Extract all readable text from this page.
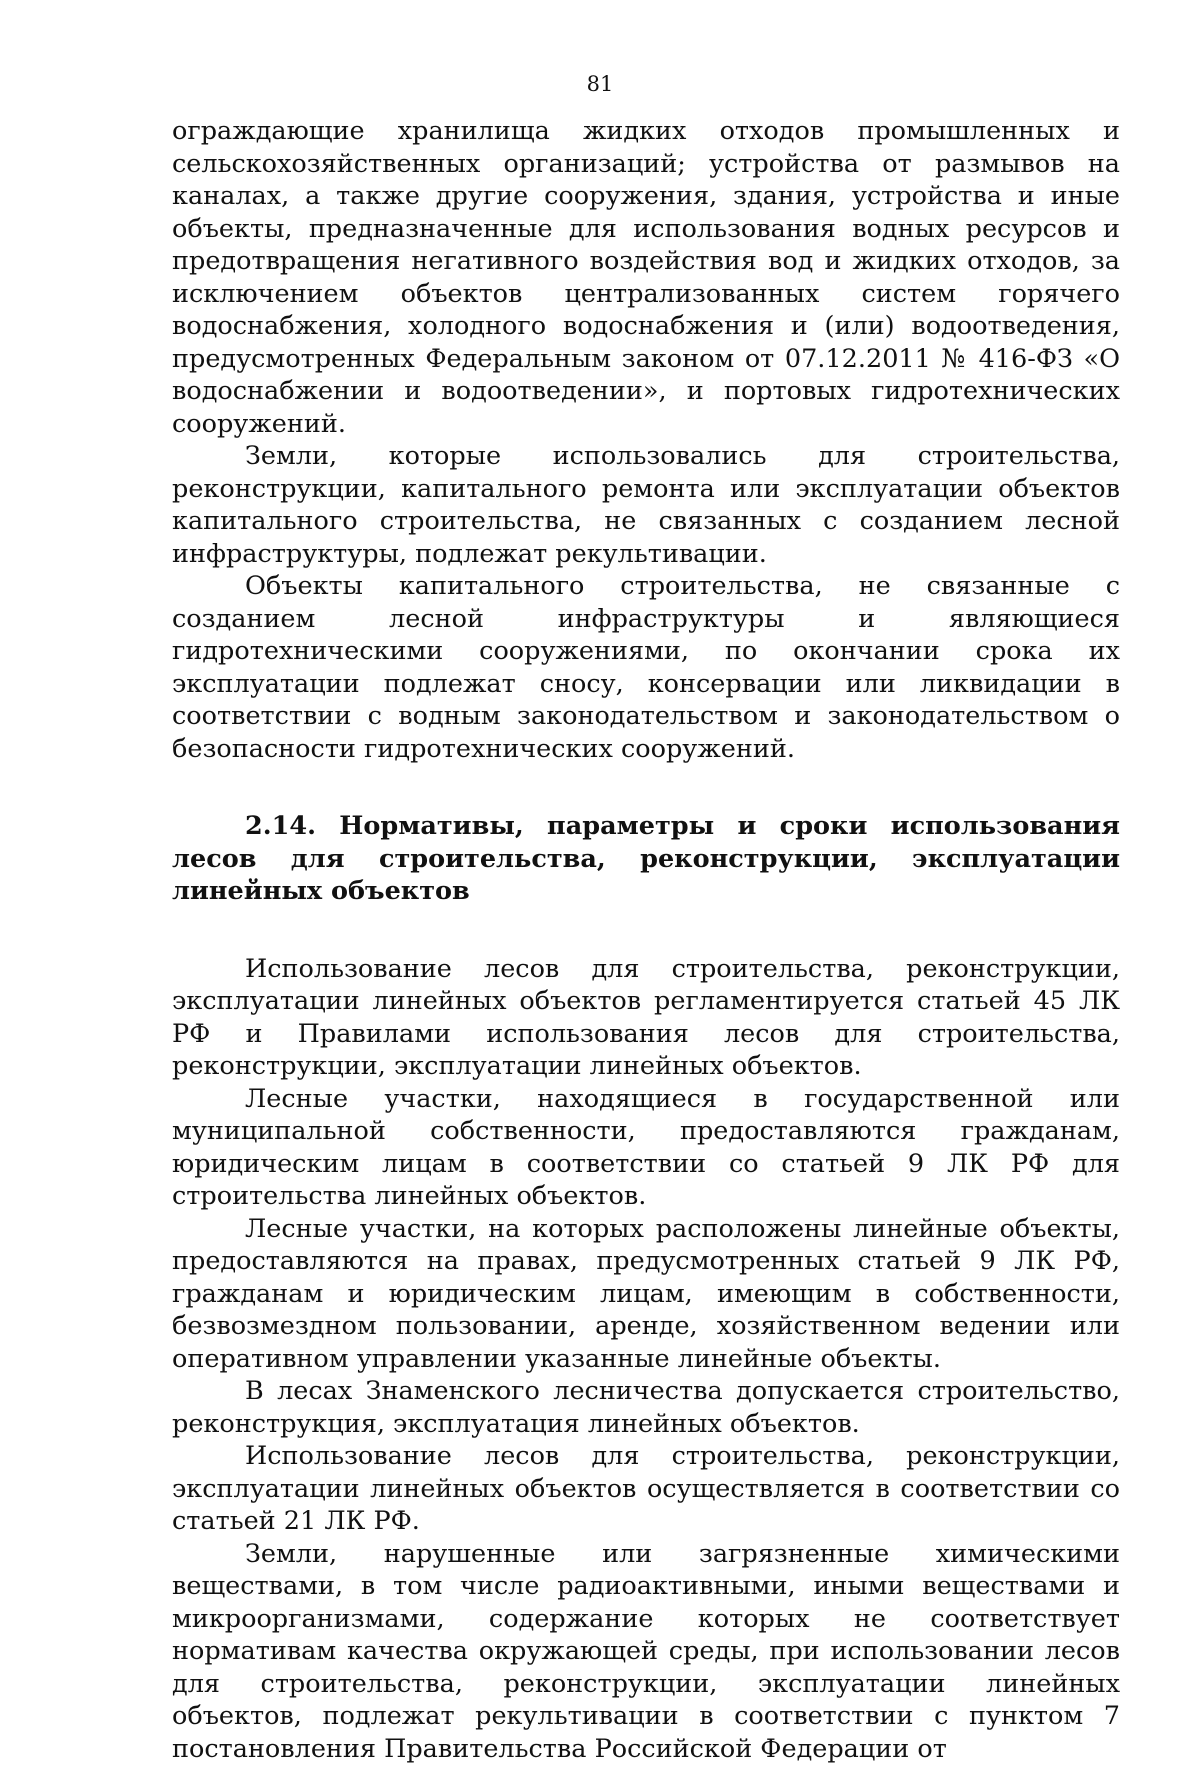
81

ограждающие хранилища жидких отходов промышленных и сельскохозяйственных организаций; устройства от размывов на каналах, а также другие сооружения, здания, устройства и иные объекты, предназначенные для использования водных ресурсов и предотвращения негативного воздействия вод и жидких отходов, за исключением объектов централизованных систем горячего водоснабжения, холодного водоснабжения и (или) водоотведения, предусмотренных Федеральным законом от 07.12.2011 № 416-ФЗ «О водоснабжении и водоотведении», и портовых гидротехнических сооружений.

Земли, которые использовались для строительства, реконструкции, капитального ремонта или эксплуатации объектов капитального строительства, не связанных с созданием лесной инфраструктуры, подлежат рекультивации.

Объекты капитального строительства, не связанные с созданием лесной инфраструктуры и являющиеся гидротехническими сооружениями, по окончании срока их эксплуатации подлежат сносу, консервации или ликвидации в соответствии с водным законодательством и законодательством о безопасности гидротехнических сооружений.

2.14. Нормативы, параметры и сроки использования лесов для строительства, реконструкции, эксплуатации линейных объектов

Использование лесов для строительства, реконструкции, эксплуатации линейных объектов регламентируется статьей 45 ЛК РФ и Правилами использования лесов для строительства, реконструкции, эксплуатации линейных объектов.

Лесные участки, находящиеся в государственной или муниципальной собственности, предоставляются гражданам, юридическим лицам в соответствии со статьей 9 ЛК РФ для строительства линейных объектов.

Лесные участки, на которых расположены линейные объекты, предоставляются на правах, предусмотренных статьей 9 ЛК РФ, гражданам и юридическим лицам, имеющим в собственности, безвозмездном пользовании, аренде, хозяйственном ведении или оперативном управлении указанные линейные объекты.

В лесах Знаменского лесничества допускается строительство, реконструкция, эксплуатация линейных объектов.

Использование лесов для строительства, реконструкции, эксплуатации линейных объектов осуществляется в соответствии со статьей 21 ЛК РФ.

Земли, нарушенные или загрязненные химическими веществами, в том числе радиоактивными, иными веществами и микроорганизмами, содержание которых не соответствует нормативам качества окружающей среды, при использовании лесов для строительства, реконструкции, эксплуатации линейных объектов, подлежат рекультивации в соответствии с пунктом 7 постановления Правительства Российской Федерации от
